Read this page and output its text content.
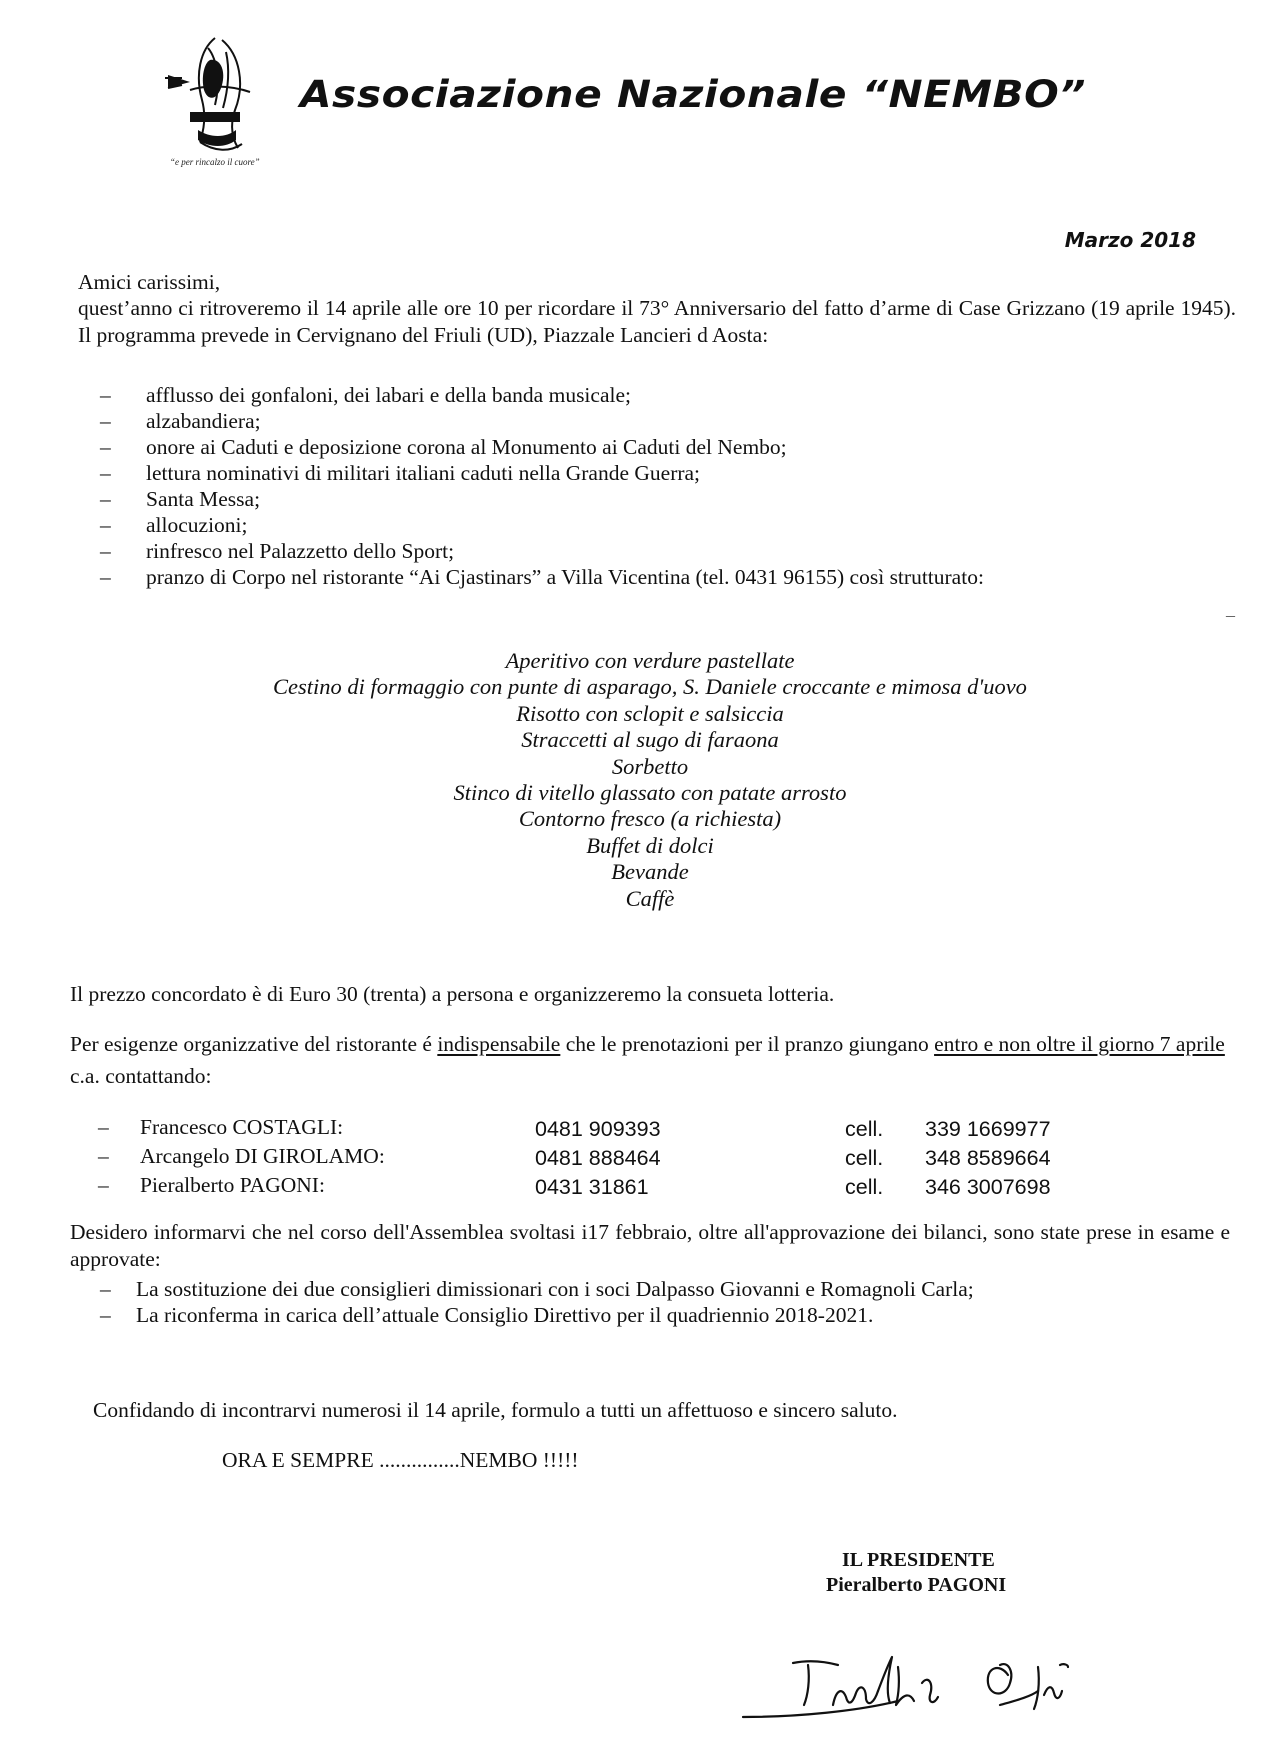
“e per rincalzo il cuore”
Associazione Nazionale “NEMBO”
Marzo 2018
Amici carissimi,
quest’anno ci ritroveremo il 14 aprile alle ore 10 per ricordare il 73° Anniversario del fatto d’arme di Case Grizzano (19 aprile 1945). Il programma prevede in Cervignano del Friuli (UD), Piazzale Lancieri d Aosta:
– afflusso dei gonfaloni, dei labari e della banda musicale;
– alzabandiera;
– onore ai Caduti e deposizione corona al Monumento ai Caduti del Nembo;
– lettura nominativi di militari italiani caduti nella Grande Guerra;
– Santa Messa;
– allocuzioni;
– rinfresco nel Palazzetto dello Sport;
– pranzo di Corpo nel ristorante “Ai Cjastinars” a Villa Vicentina (tel. 0431 96155) così strutturato:
–
Aperitivo con verdure pastellate
Cestino di formaggio con punte di asparago, S. Daniele croccante e mimosa d'uovo
Risotto con sclopit e salsiccia
Straccetti al sugo di faraona
Sorbetto
Stinco di vitello glassato con patate arrosto
Contorno fresco (a richiesta)
Buffet di dolci
Bevande
Caffè
Il prezzo concordato è di Euro 30 (trenta) a persona e organizzeremo la consueta lotteria.
Per esigenze organizzative del ristorante é indispensabile che le prenotazioni per il pranzo giungano entro e non oltre il giorno 7 aprile c.a. contattando:
– Francesco COSTAGLI:	0481 909393	cell. 339 1669977
– Arcangelo DI GIROLAMO:	0481 888464	cell. 348 8589664
– Pieralberto PAGONI:	0431 31861	cell. 346 3007698
Desidero informarvi che nel corso dell'Assemblea svoltasi i17 febbraio, oltre all'approvazione dei bilanci, sono state prese in esame e approvate:
– La sostituzione dei due consiglieri dimissionari con i soci Dalpasso Giovanni e Romagnoli Carla;
– La riconferma in carica dell’attuale Consiglio Direttivo per il quadriennio 2018-2021.
Confidando di incontrarvi numerosi il 14 aprile, formulo a tutti un affettuoso e sincero saluto.
ORA E SEMPRE ...............NEMBO !!!!!
IL PRESIDENTE
Pieralberto PAGONI
